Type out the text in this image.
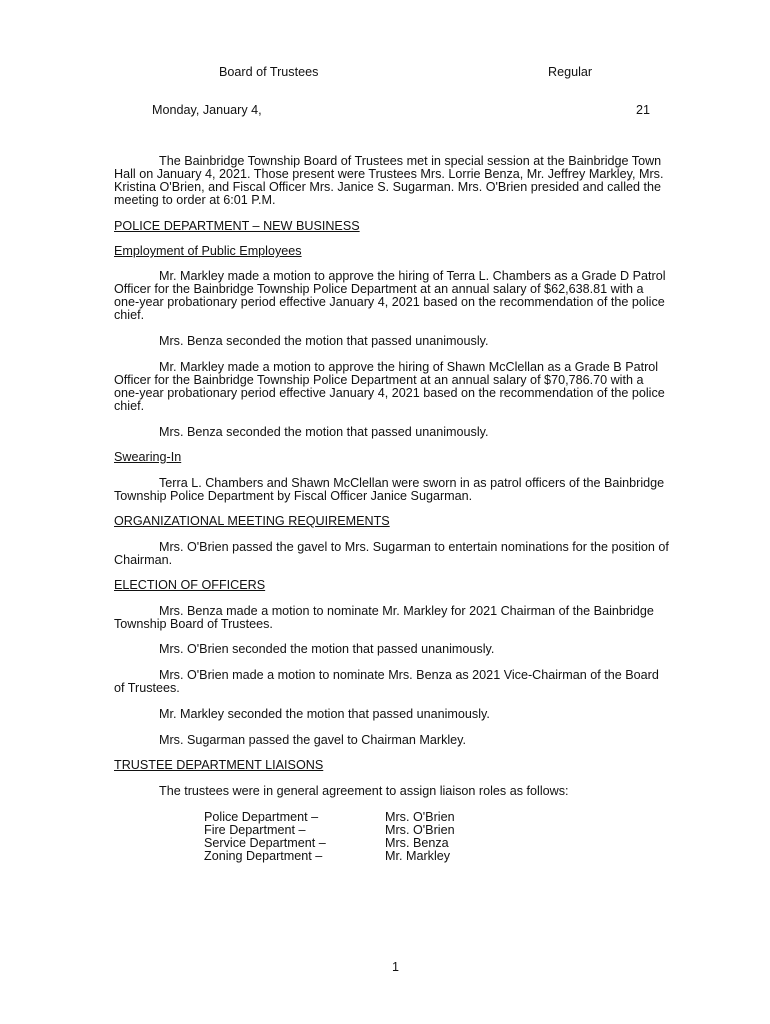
Board of Trustees	Regular
Monday, January 4,	21

The Bainbridge Township Board of Trustees met in special session at the Bainbridge Town Hall on January 4, 2021. Those present were Trustees Mrs. Lorrie Benza, Mr. Jeffrey Markley, Mrs. Kristina O'Brien, and Fiscal Officer Mrs. Janice S. Sugarman. Mrs. O'Brien presided and called the meeting to order at 6:01 P.M.

POLICE DEPARTMENT – NEW BUSINESS
Employment of Public Employees

Mr. Markley made a motion to approve the hiring of Terra L. Chambers as a Grade D Patrol Officer for the Bainbridge Township Police Department at an annual salary of $62,638.81 with a one-year probationary period effective January 4, 2021 based on the recommendation of the police chief.

Mrs. Benza seconded the motion that passed unanimously.

Mr. Markley made a motion to approve the hiring of Shawn McClellan as a Grade B Patrol Officer for the Bainbridge Township Police Department at an annual salary of $70,786.70 with a one-year probationary period effective January 4, 2021 based on the recommendation of the police chief.

Mrs. Benza seconded the motion that passed unanimously.

Swearing-In

Terra L. Chambers and Shawn McClellan were sworn in as patrol officers of the Bainbridge Township Police Department by Fiscal Officer Janice Sugarman.

ORGANIZATIONAL MEETING REQUIREMENTS

Mrs. O'Brien passed the gavel to Mrs. Sugarman to entertain nominations for the position of Chairman.

ELECTION OF OFFICERS

Mrs. Benza made a motion to nominate Mr. Markley for 2021 Chairman of the Bainbridge Township Board of Trustees.

Mrs. O'Brien seconded the motion that passed unanimously.

Mrs. O'Brien made a motion to nominate Mrs. Benza as 2021 Vice-Chairman of the Board of Trustees.

Mr. Markley seconded the motion that passed unanimously.

Mrs. Sugarman passed the gavel to Chairman Markley.

TRUSTEE DEPARTMENT LIAISONS

The trustees were in general agreement to assign liaison roles as follows:

Police Department –	Mrs. O'Brien
Fire Department –	Mrs. O'Brien
Service Department –	Mrs. Benza
Zoning Department –	Mr. Markley
1
